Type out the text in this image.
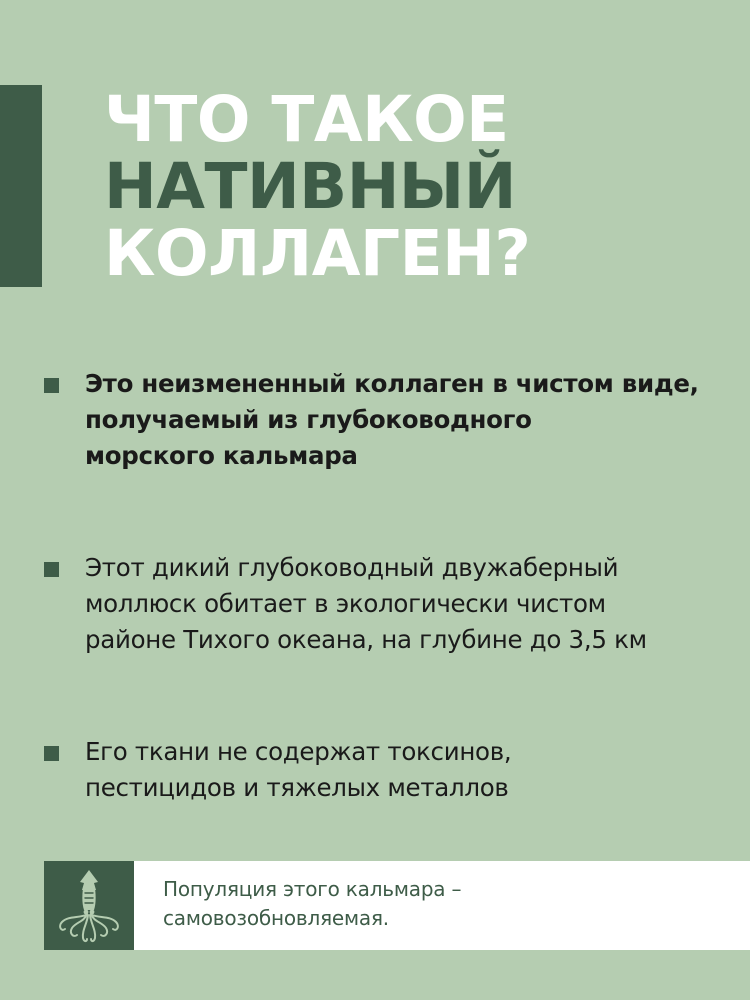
ЧТО ТАКОЕ
НАТИВНЫЙ
КОЛЛАГЕН?
Это неизмененный коллаген в чистом виде,
получаемый из глубоководного
морского кальмара
Этот дикий глубоководный двужаберный
моллюск обитает в экологически чистом
районе Тихого океана, на глубине до 3,5 км
Его ткани не содержат токсинов,
пестицидов и тяжелых металлов
Популяция этого кальмара –
самовозобновляемая.
